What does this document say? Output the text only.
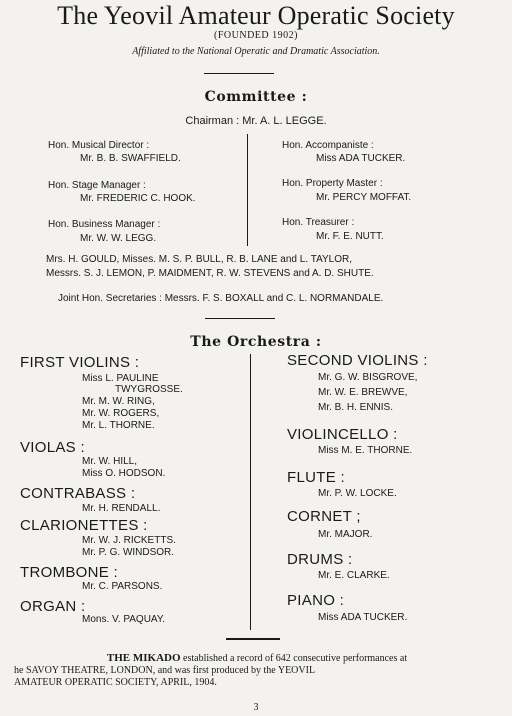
The Yeovil Amateur Operatic Society
(FOUNDED 1902)
Affiliated to the National Operatic and Dramatic Association.
Committee :
Chairman : Mr. A. L. LEGGE.
Hon. Musical Director :
Mr. B. B. SWAFFIELD.
Hon. Stage Manager :
Mr. FREDERIC C. HOOK.
Hon. Business Manager :
Mr. W. W. LEGG.
Hon. Accompaniste :
Miss ADA TUCKER.
Hon. Property Master :
Mr. PERCY MOFFAT.
Hon. Treasurer :
Mr. F. E. NUTT.
Mrs. H. GOULD, Misses. M. S. P. BULL, R. B. LANE and L. TAYLOR,
Messrs. S. J. LEMON, P. MAIDMENT, R. W. STEVENS and A. D. SHUTE.
Joint Hon. Secretaries : Messrs. F. S. BOXALL and C. L. NORMANDALE.
The Orchestra :
FIRST VIOLINS :
Miss L. PAULINE
TWYGROSSE.
Mr. M. W. RING,
Mr. W. ROGERS,
Mr. L. THORNE.
VIOLAS :
Mr. W. HILL,
Miss O. HODSON.
CONTRABASS :
Mr. H. RENDALL.
CLARIONETTES :
Mr. W. J. RICKETTS.
Mr. P. G. WINDSOR.
TROMBONE :
Mr. C. PARSONS.
ORGAN :
Mons. V. PAQUAY.
SECOND VIOLINS :
Mr. G. W. BISGROVE,
Mr. W. E. BREWVE,
Mr. B. H. ENNIS.
VIOLINCELLO :
Miss M. E. THORNE.
FLUTE :
Mr. P. W. LOCKE.
CORNET ;
Mr. MAJOR.
DRUMS :
Mr. E. CLARKE.
PIANO :
Miss ADA TUCKER.
THE MIKADO established a record of 642 consecutive performances at
he SAVOY THEATRE, LONDON, and was first produced by the YEOVIL
AMATEUR OPERATIC SOCIETY, APRIL, 1904.
3
